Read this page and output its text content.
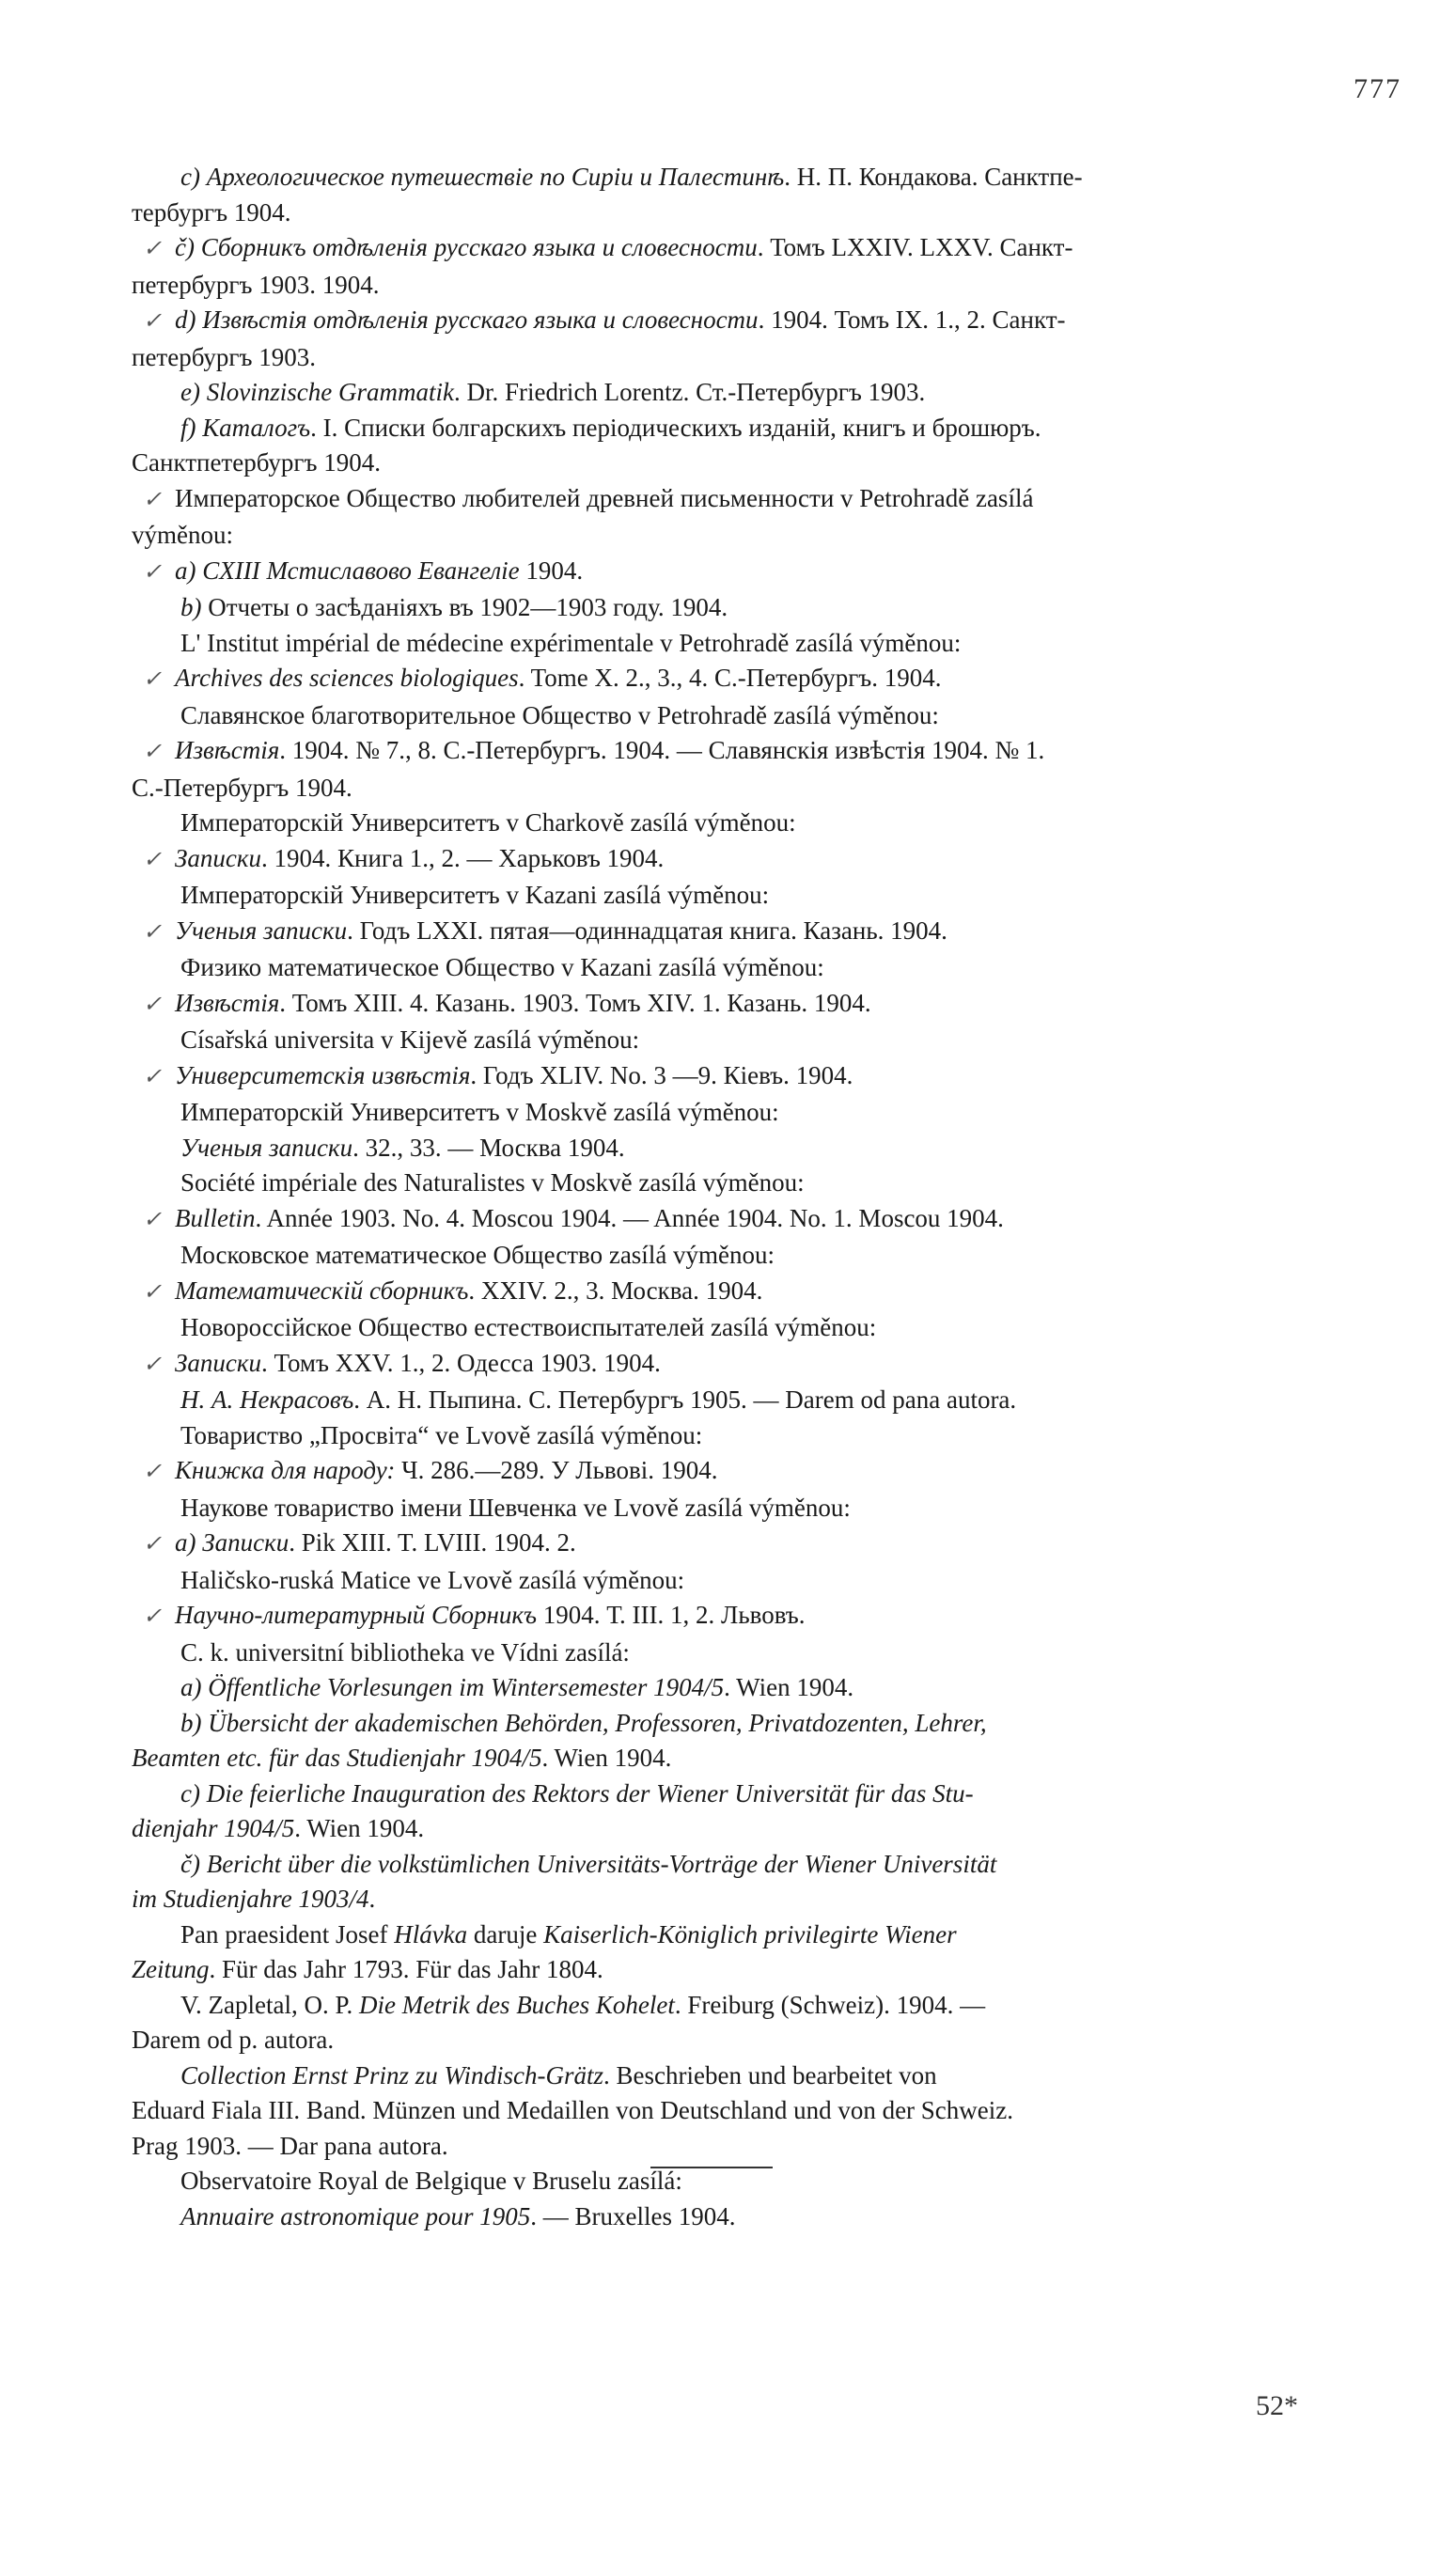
777
c) Археологическое путешествіе по Сиріи и Палестинѣ. Н. П. Кондакова. Санктпе-
тербургъ 1904.
✓ č) Сборникъ отдѣленія русскаго языка и словесности. Томъ LXXIV. LXXV. Санкт-
петербургъ 1903. 1904.
✓ d) Извѣстія отдѣленія русскаго языка и словесности. 1904. Томъ IX. 1., 2. Санкт-
петербургъ 1903.
e) Slovinzische Grammatik. Dr. Friedrich Lorentz. Ст.-Петербургъ 1903.
f) Каталогъ. I. Списки болгарскихъ періодическихъ изданій, книгъ и брошюръ.
Санктпетербургъ 1904.
✓ Императорское Общество любителей древней письменности v Petrohradě zasílá
výměnou:
✓ a) CXIII Мстиславово Евангеліе 1904.
b) Отчеты о засѣданіяхъ въ 1902—1903 году. 1904.
L' Institut impérial de médecine expérimentale v Petrohradě zasílá výměnou:
✓ Archives des sciences biologiques. Tome X. 2., 3., 4. С.-Петербургъ. 1904.
Славянское благотворительное Общество v Petrohradě zasílá výměnou:
✓ Извѣстія. 1904. № 7., 8. С.-Петербургъ. 1904. — Славянскія извѣстія 1904. № 1.
С.-Петербургъ 1904.
Императорскій Университетъ v Charkově zasílá výměnou:
✓ Записки. 1904. Книга 1., 2. — Харьковъ 1904.
Императорскій Университетъ v Kazani zasílá výměnou:
✓ Ученыя записки. Годъ LXXI. пятая—одиннадцатая книга. Казань. 1904.
Физико математическое Общество v Kazani zasílá výměnou:
✓ Извѣстія. Томъ XIII. 4. Казань. 1903. Томъ XIV. 1. Казань. 1904.
Císařská universita v Kijevě zasílá výměnou:
✓ Университетскія извѣстія. Годъ XLIV. No. 3 —9. Кіевъ. 1904.
Императорскій Университетъ v Moskvě zasílá výměnou:
Ученыя записки. 32., 33. — Москва 1904.
Société impériale des Naturalistes v Moskvě zasílá výměnou:
✓ Bulletin. Année 1903. No. 4. Moscou 1904. — Année 1904. No. 1. Moscou 1904.
Московское математическое Общество zasílá výměnou:
✓ Математическій сборникъ. XXIV. 2., 3. Москва. 1904.
Новороссійское Общество естествоиспытателей zasílá výměnou:
✓ Записки. Томъ XXV. 1., 2. Одесса 1903. 1904.
Н. А. Некрасовъ. А. Н. Пыпина. С. Петербургъ 1905. — Darem od pana autora.
Товариство „Просвіта“ ve Lvově zasílá výměnou:
✓ Книжка для народу: Ч. 286.—289. У Львові. 1904.
Наукове товариство імени Шевченка ve Lvově zasílá výměnou:
✓ a) Записки. Pik XIII. T. LVIII. 1904. 2.
Haličsko-ruská Matice ve Lvově zasílá výměnou:
✓ Научно-литературный Сборникъ 1904. Т. III. 1, 2. Львовъ.
C. k. universitní bibliotheka ve Vídni zasílá:
a) Öffentliche Vorlesungen im Wintersemester 1904/5. Wien 1904.
b) Übersicht der akademischen Behörden, Professoren, Privatdozenten, Lehrer,
Beamten etc. für das Studienjahr 1904/5. Wien 1904.
c) Die feierliche Inauguration des Rektors der Wiener Universität für das Stu-
dienjahr 1904/5. Wien 1904.
č) Bericht über die volkstümlichen Universitäts-Vorträge der Wiener Universität
im Studienjahre 1903/4.
Pan praesident Josef Hlávka daruje Kaiserlich-Königlich privilegirte Wiener
Zeitung. Für das Jahr 1793. Für das Jahr 1804.
V. Zapletal, O. P. Die Metrik des Buches Kohelet. Freiburg (Schweiz). 1904. —
Darem od p. autora.
Collection Ernst Prinz zu Windisch-Grätz. Beschrieben und bearbeitet von
Eduard Fiala III. Band. Münzen und Medaillen von Deutschland und von der Schweiz.
Prag 1903. — Dar pana autora.
Observatoire Royal de Belgique v Bruselu zasílá:
Annuaire astronomique pour 1905. — Bruxelles 1904.
52*
